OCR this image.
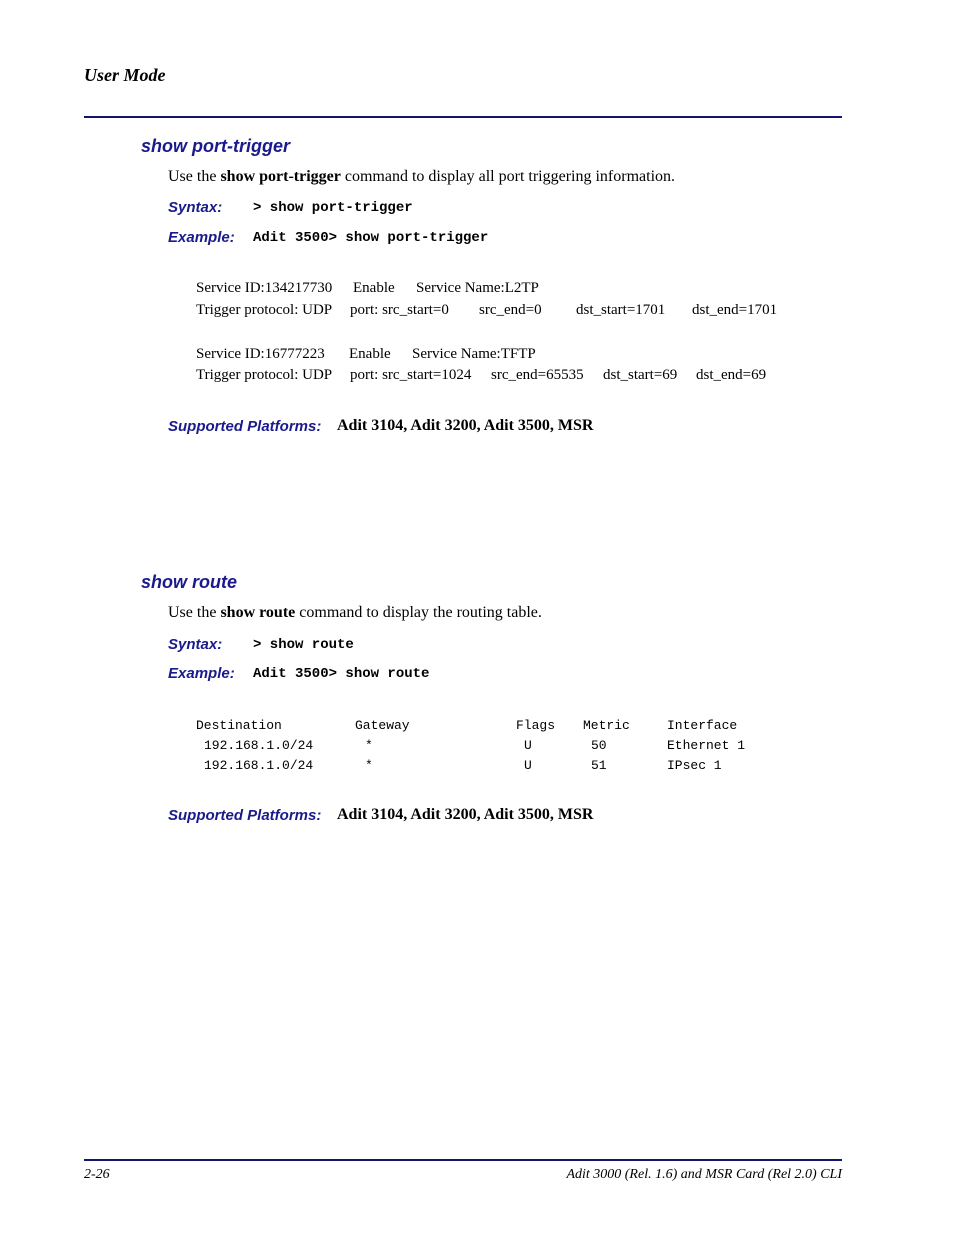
User Mode
show port-trigger
Use the show port-trigger command to display all port triggering information.
Syntax: > show port-trigger
Example: Adit 3500> show port-trigger
Service ID:134217730 Enable Service Name:L2TP
Trigger protocol: UDP port: src_start=0 src_end=0 dst_start=1701 dst_end=1701
Service ID:16777223 Enable Service Name:TFTP
Trigger protocol: UDP port: src_start=1024 src_end=65535 dst_start=69 dst_end=69
Supported Platforms: Adit 3104, Adit 3200, Adit 3500, MSR
show route
Use the show route command to display the routing table.
Syntax: > show route
Example: Adit 3500> show route
Destination	Gateway	Flags Metric	Interface
192.168.1.0/24	*	U	50	Ethernet 1
192.168.1.0/24	*	U	51	IPsec 1
Supported Platforms: Adit 3104, Adit 3200, Adit 3500, MSR
2-26	Adit 3000 (Rel. 1.6) and MSR Card (Rel 2.0) CLI
